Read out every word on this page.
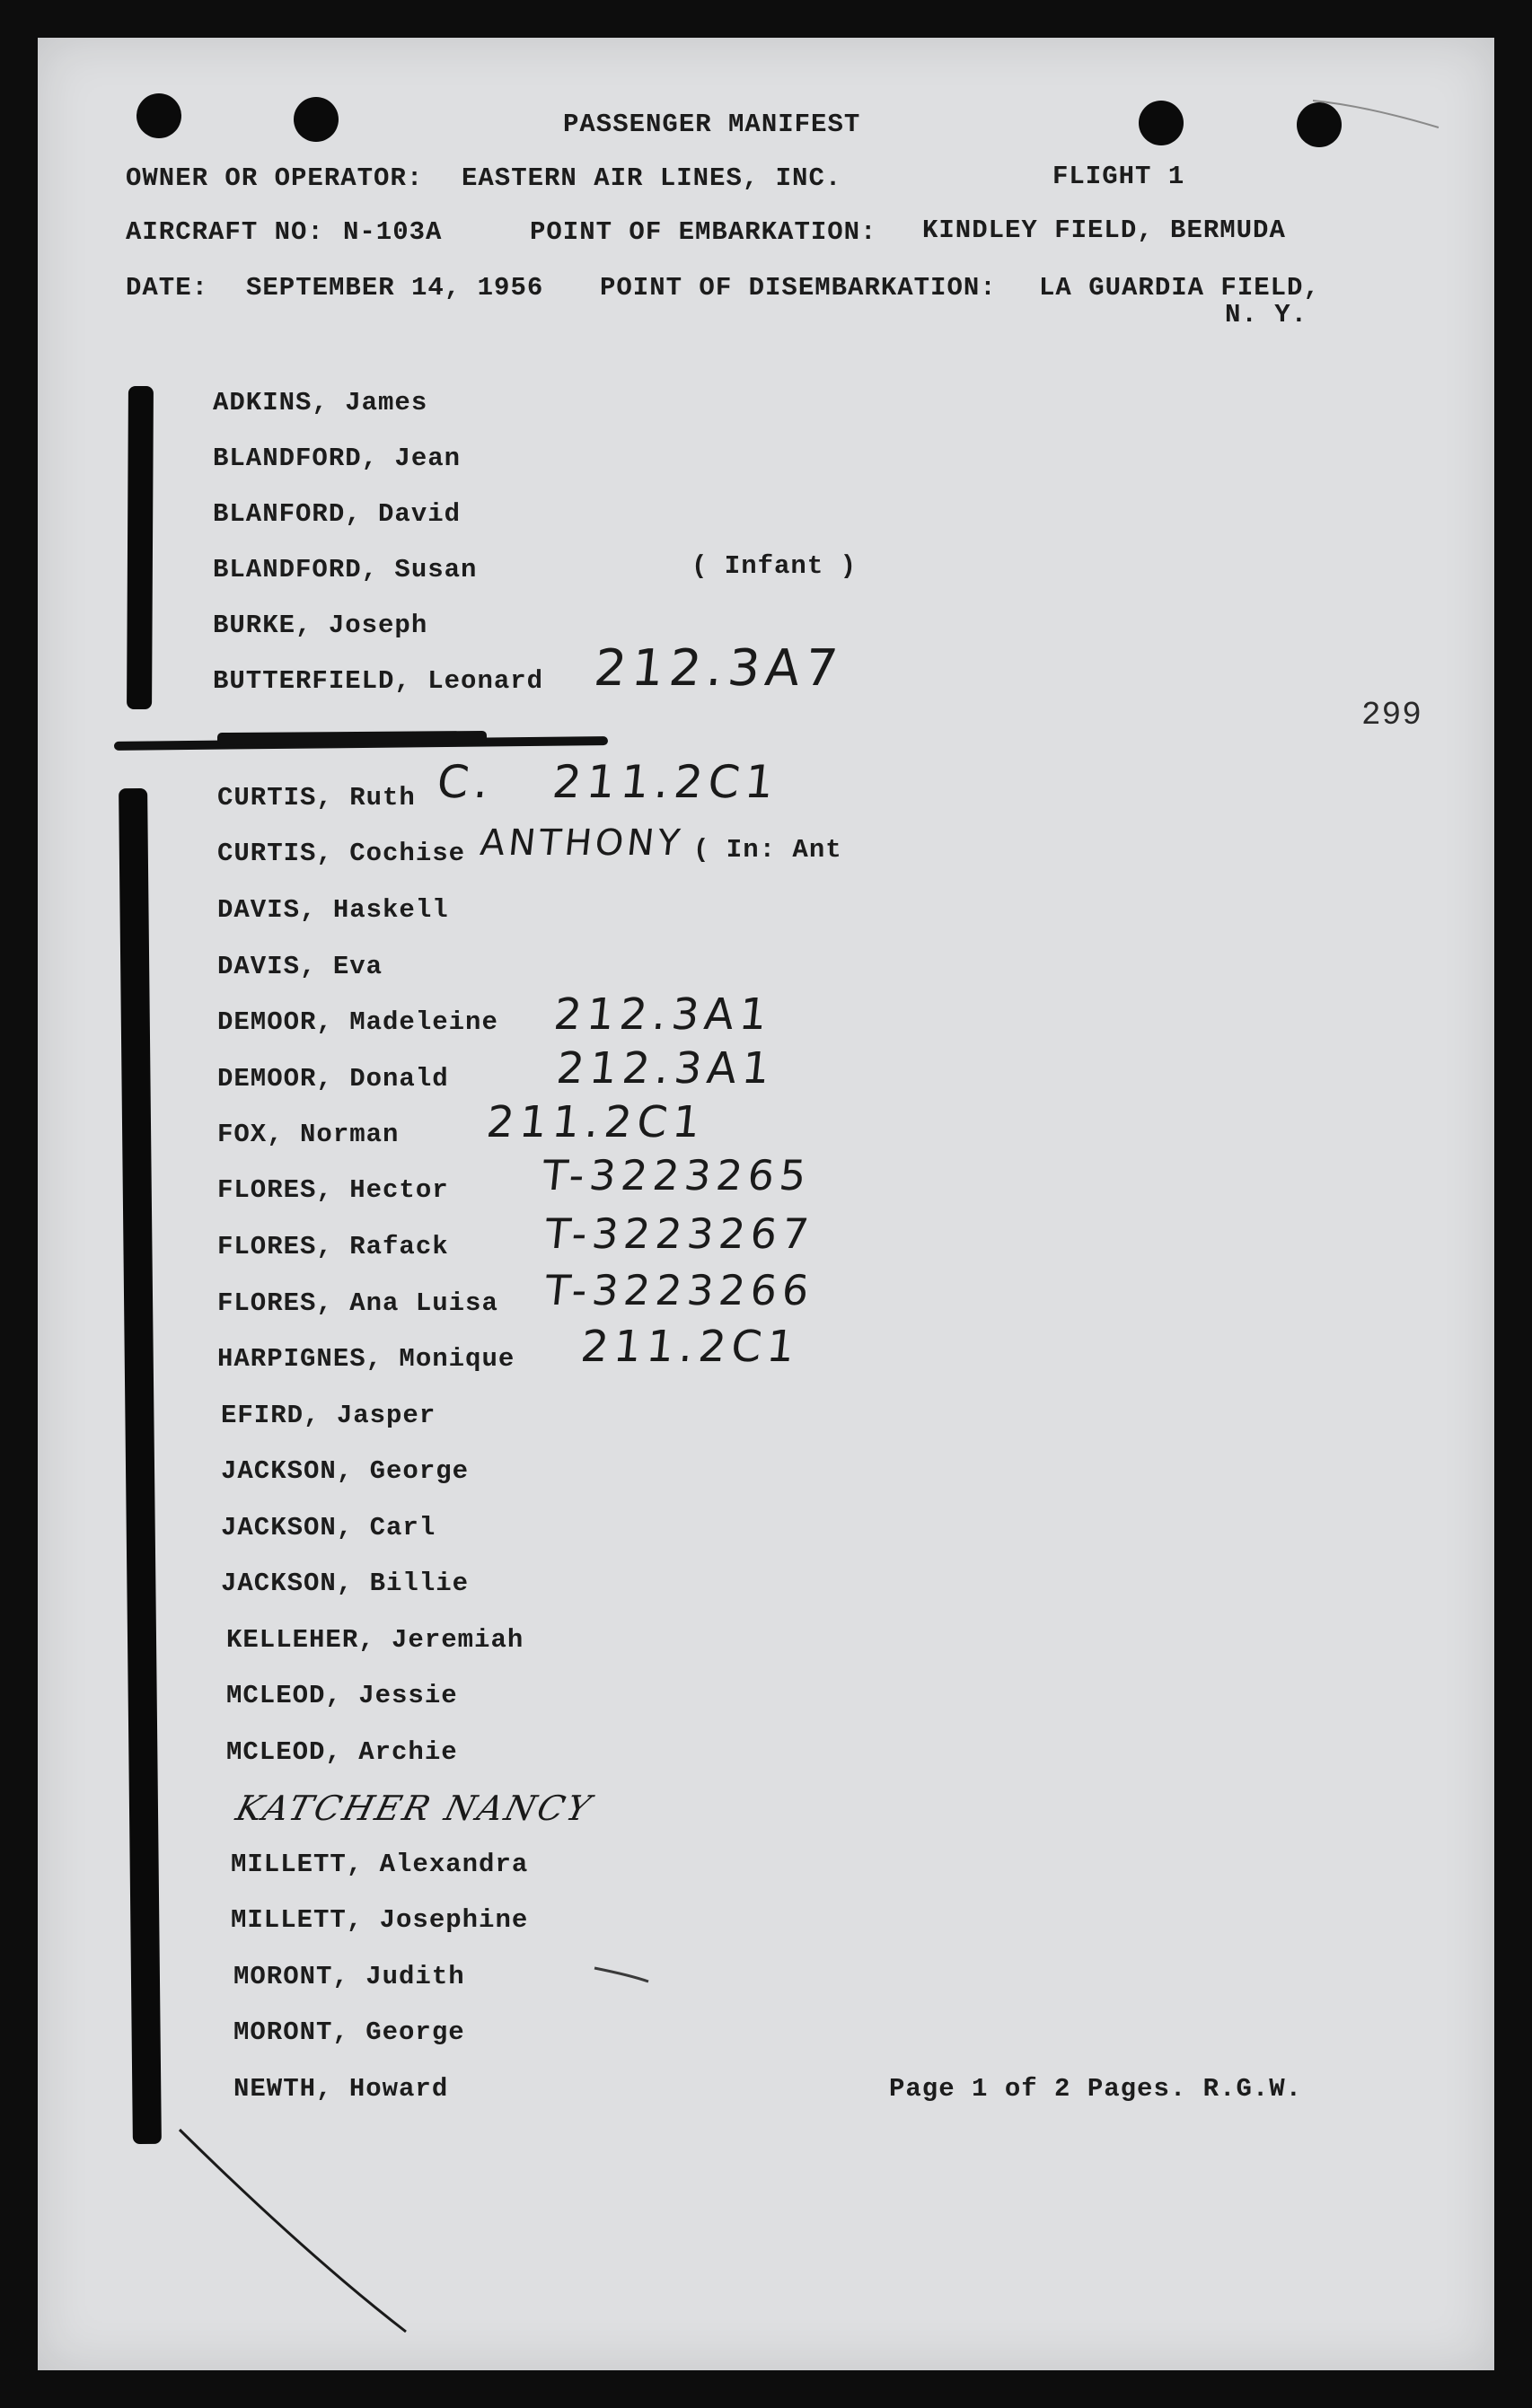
PASSENGER MANIFEST
OWNER OR OPERATOR: EASTERN AIR LINES, INC.	FLIGHT 1
AIRCRAFT NO: N-103A	POINT OF EMBARKATION: KINDLEY FIELD, BERMUDA
DATE: SEPTEMBER 14, 1956 POINT OF DISEMBARKATION: LA GUARDIA FIELD,
N. Y.
299
ADKINS, James
BLANDFORD, Jean
BLANFORD, David
BLANDFORD, Susan	( Infant )
BURKE, Joseph
BUTTERFIELD, Leonard 212.3A7
CURTIS, Ruth C.   211.2C1
CURTIS, Cochise ANTHONY ( In: Ant
DAVIS, Haskell
DAVIS, Eva
DEMOOR, Madeleine 212.3A1
DEMOOR, Donald 212.3A1
FOX, Norman 211.2C1
FLORES, Hector T-3223265
FLORES, Rafack T-3223267
FLORES, Ana Luisa T-3223266
HARPIGNES, Monique 211.2C1
EFIRD, Jasper
JACKSON, George
JACKSON, Carl
JACKSON, Billie
KELLEHER, Jeremiah
MCLEOD, Jessie
MCLEOD, Archie
KATCHER NANCY
MILLETT, Alexandra
MILLETT, Josephine
MORONT, Judith
MORONT, George
NEWTH, Howard	Page 1 of 2 Pages. R.G.W.
